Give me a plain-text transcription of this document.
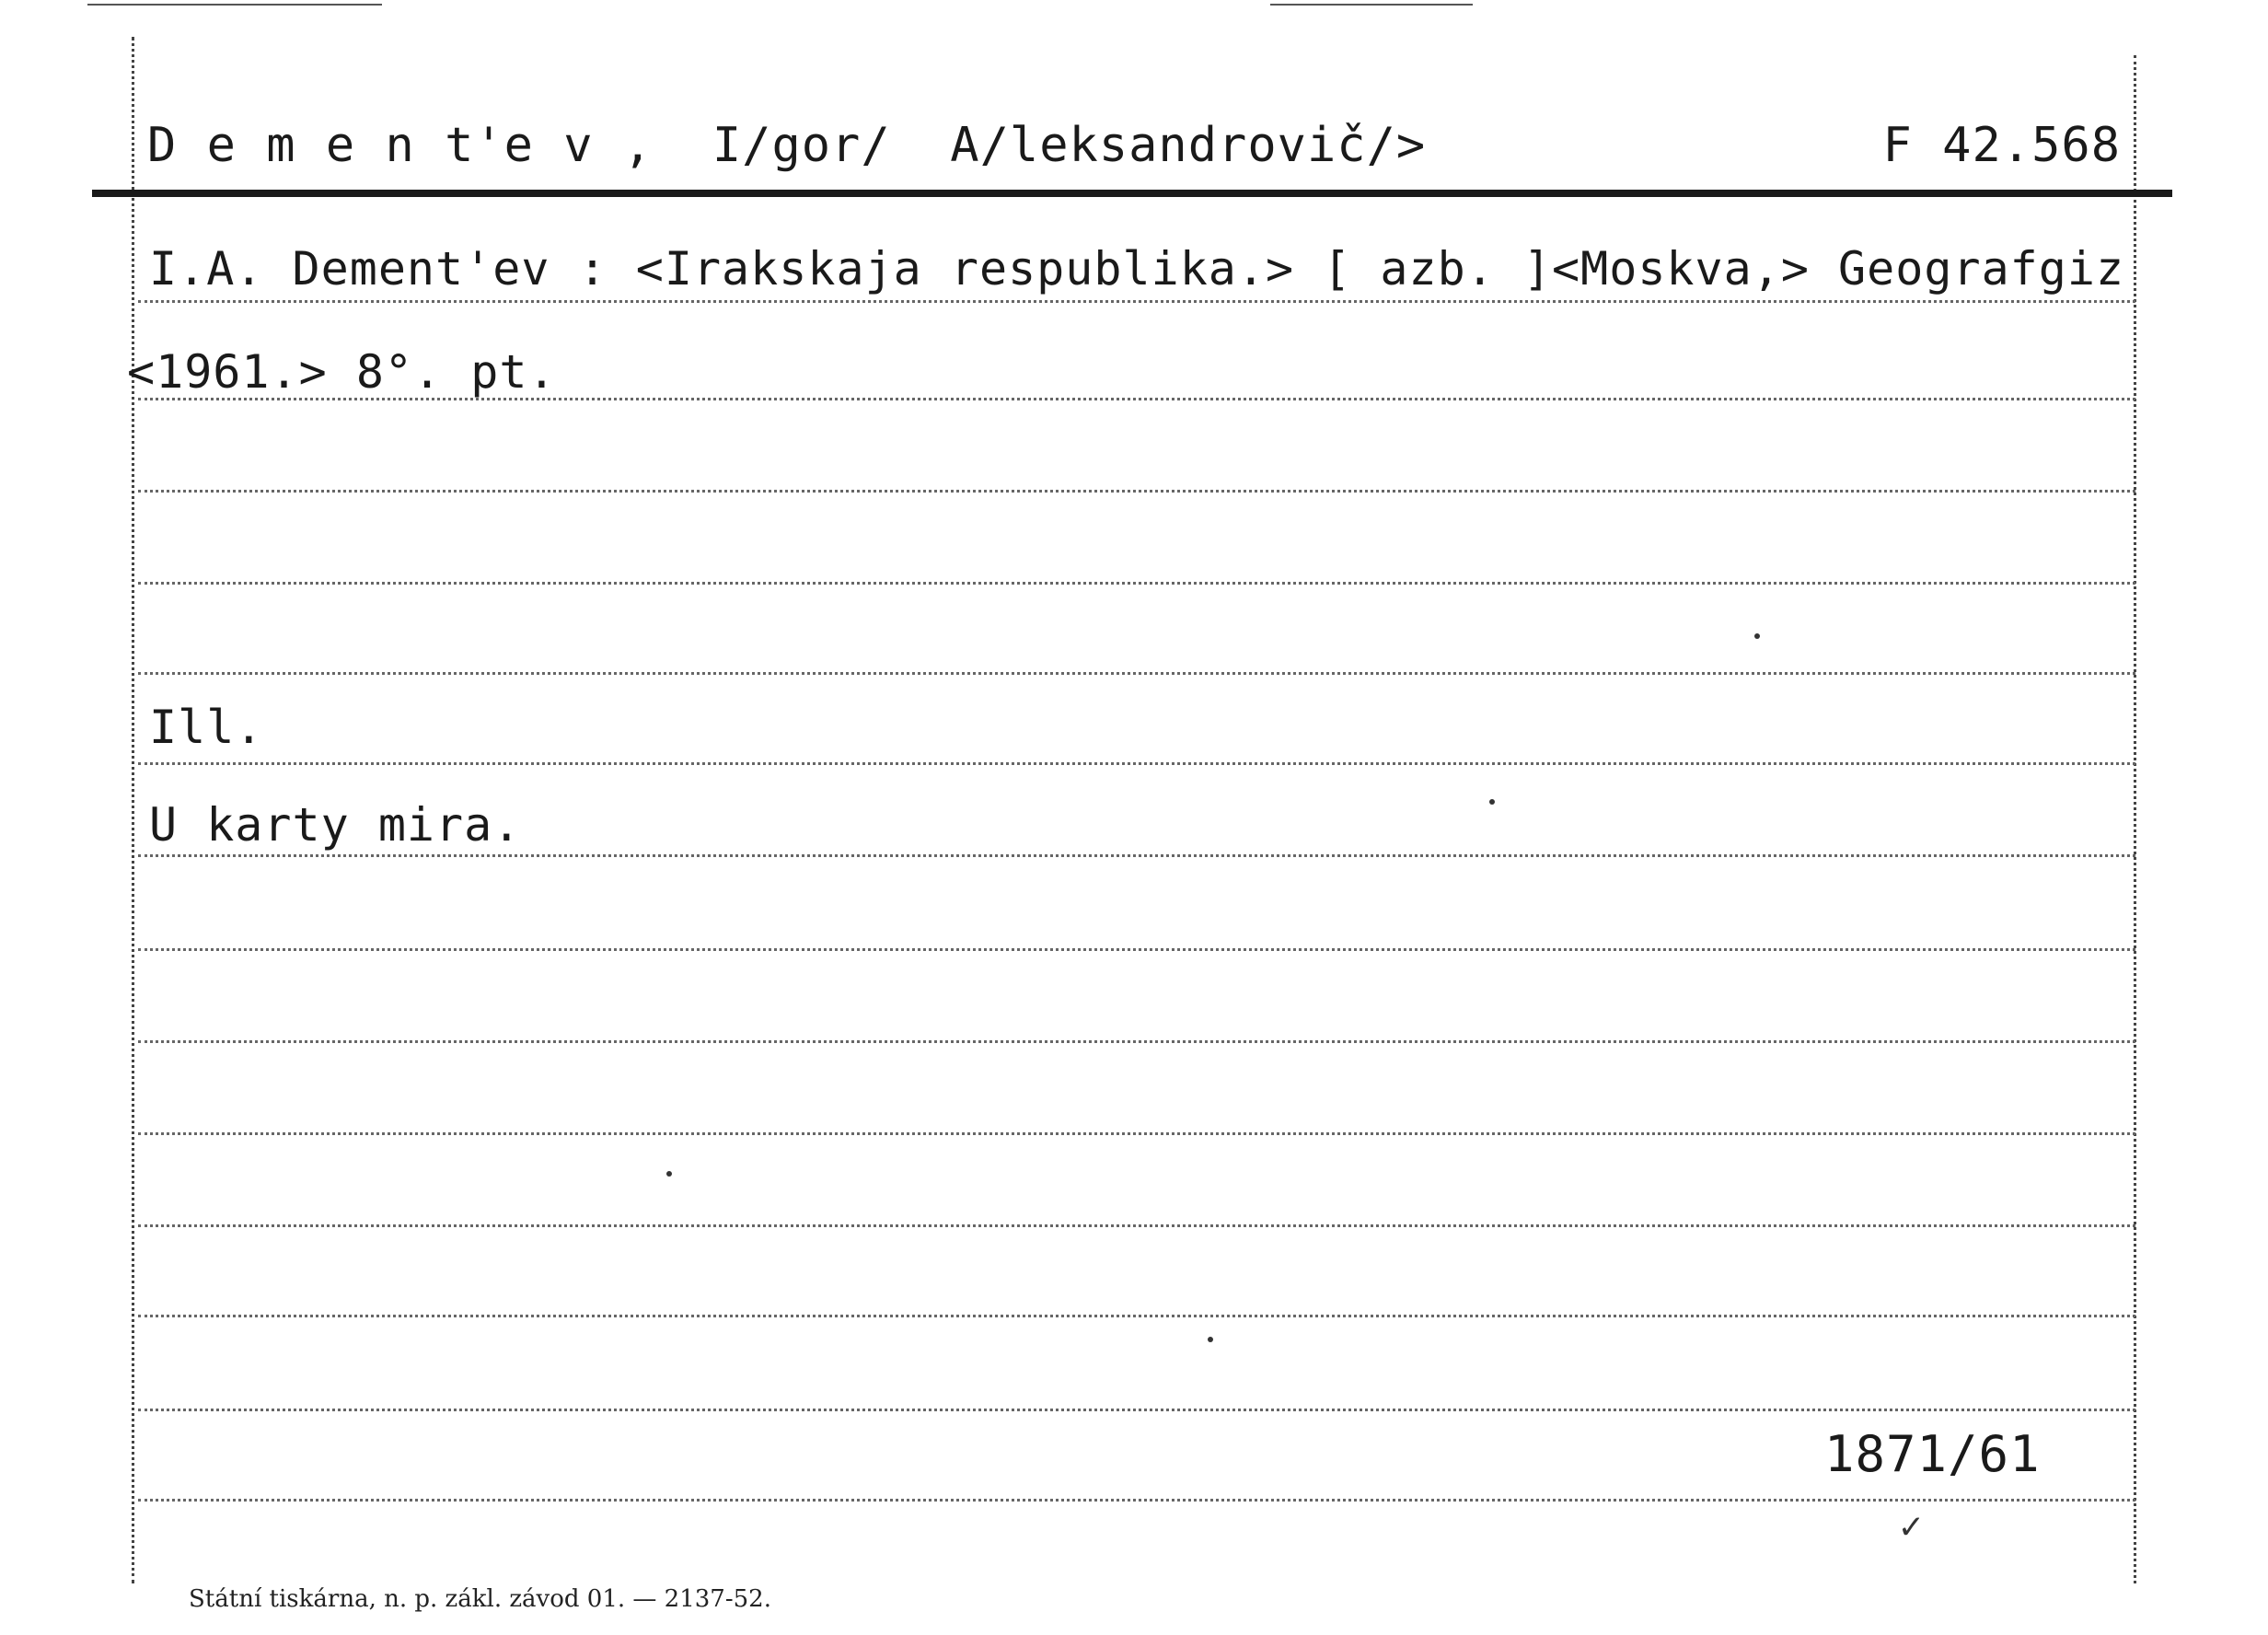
D e m e n t'e v ,  I/gor/  A/leksandrovič/>	F 42.568
I.A. Dement'ev : <Irakskaja respublika.> [ azb. ]<Moskva,> Geografgiz
<1961.> 8°. pt.
Ill.
U karty mira.
1871/61
✓
Státní tiskárna, n. p. zákl. závod 01. — 2137-52.
